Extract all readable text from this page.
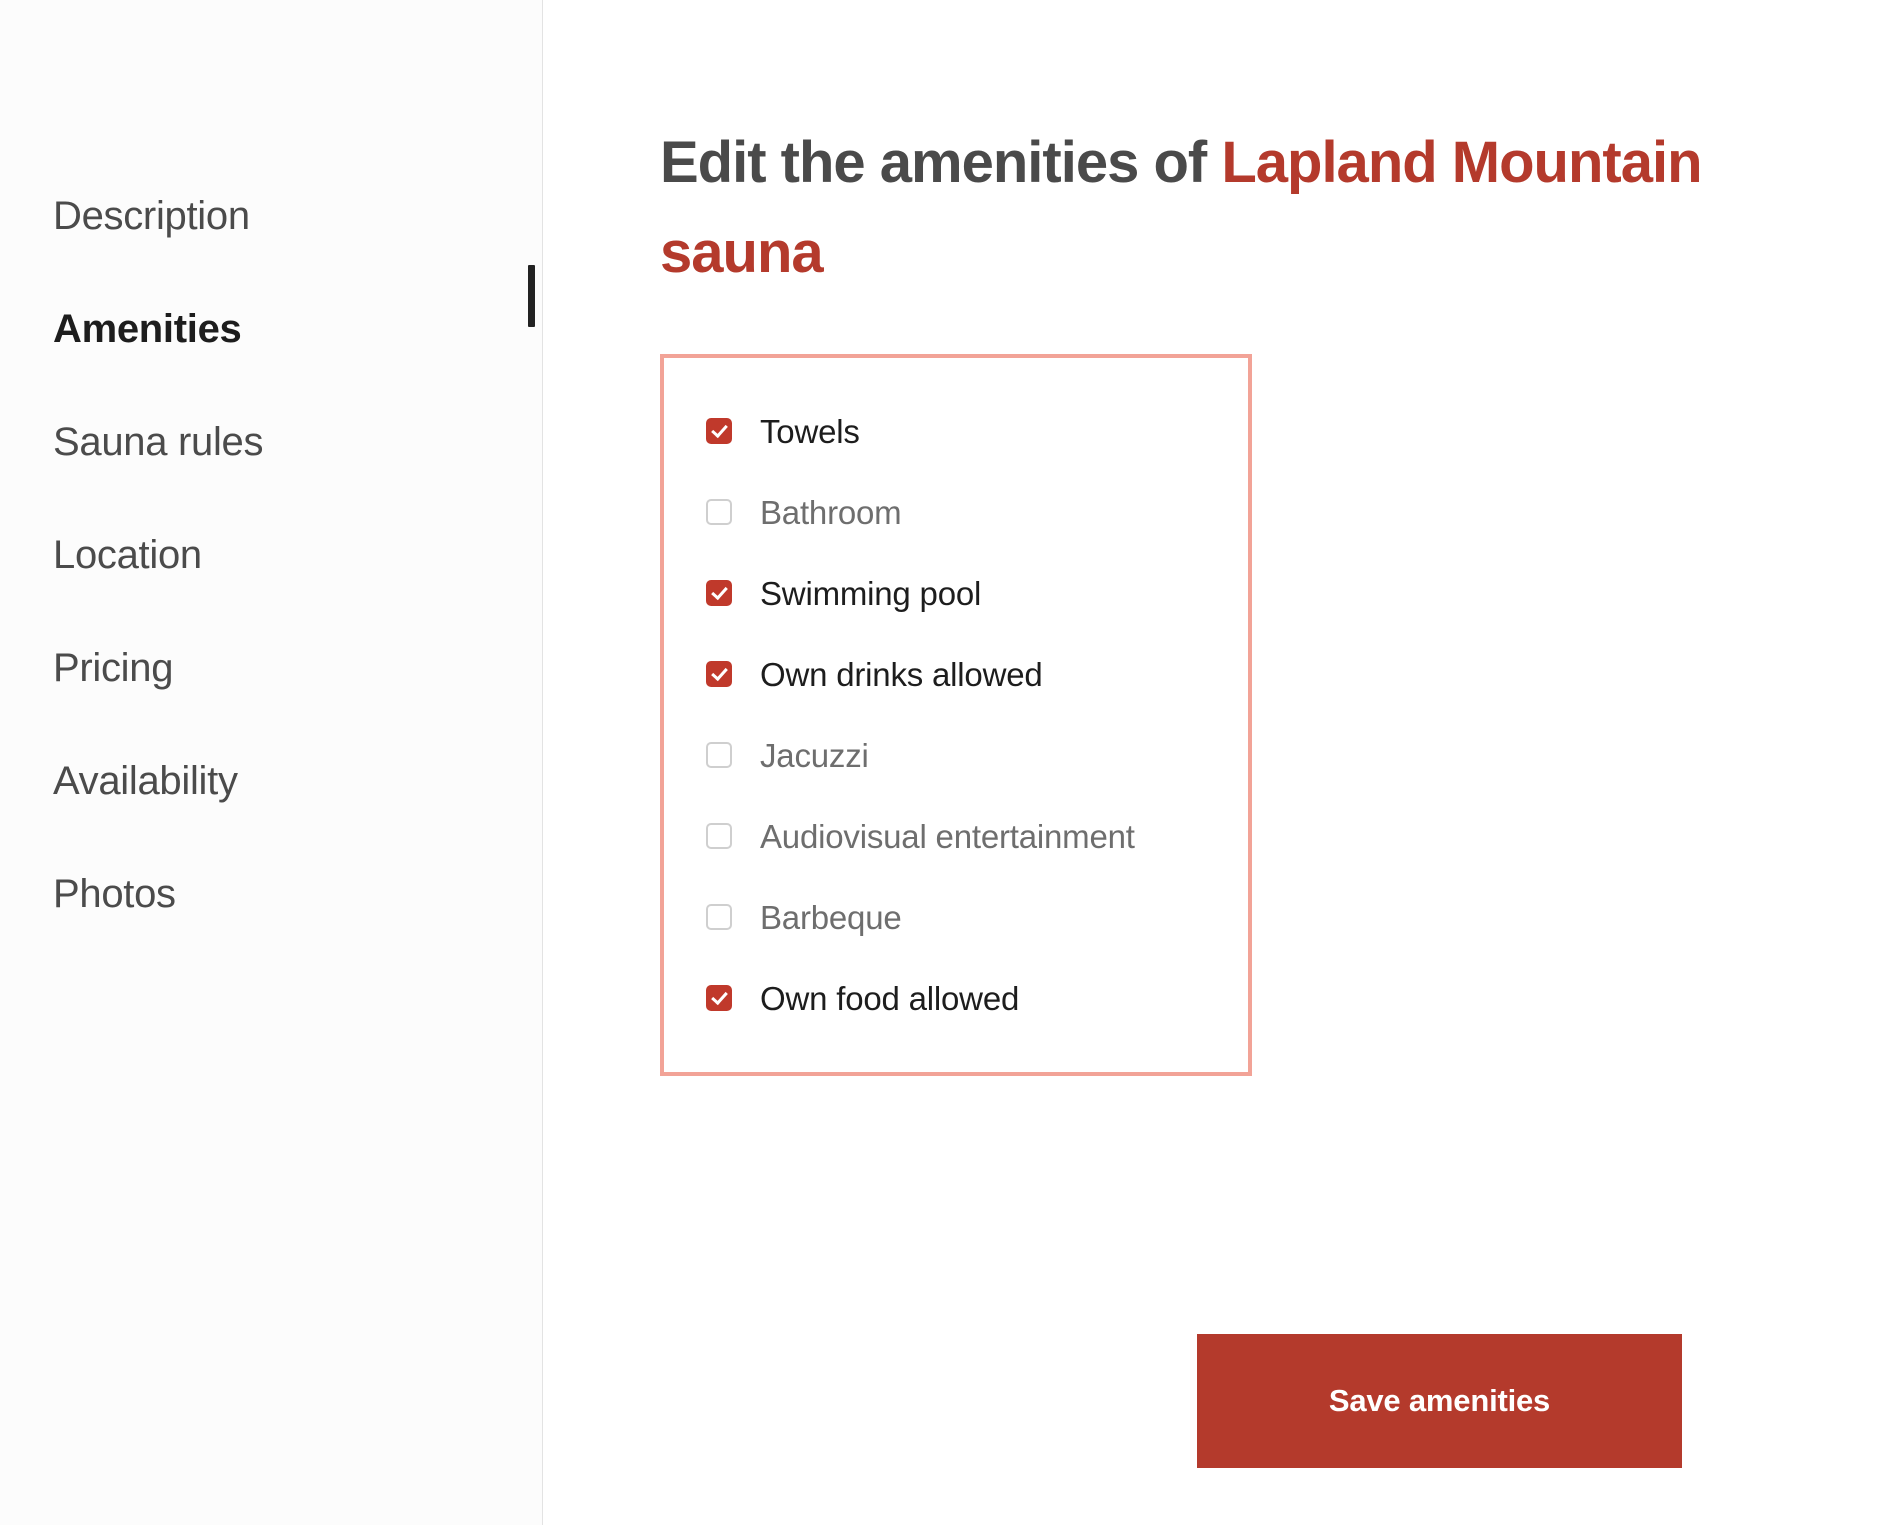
Description
Amenities
Sauna rules
Location
Pricing
Availability
Photos
Edit the amenities of Lapland Mountain sauna
Towels
Bathroom
Swimming pool
Own drinks allowed
Jacuzzi
Audiovisual entertainment
Barbeque
Own food allowed
Save amenities
